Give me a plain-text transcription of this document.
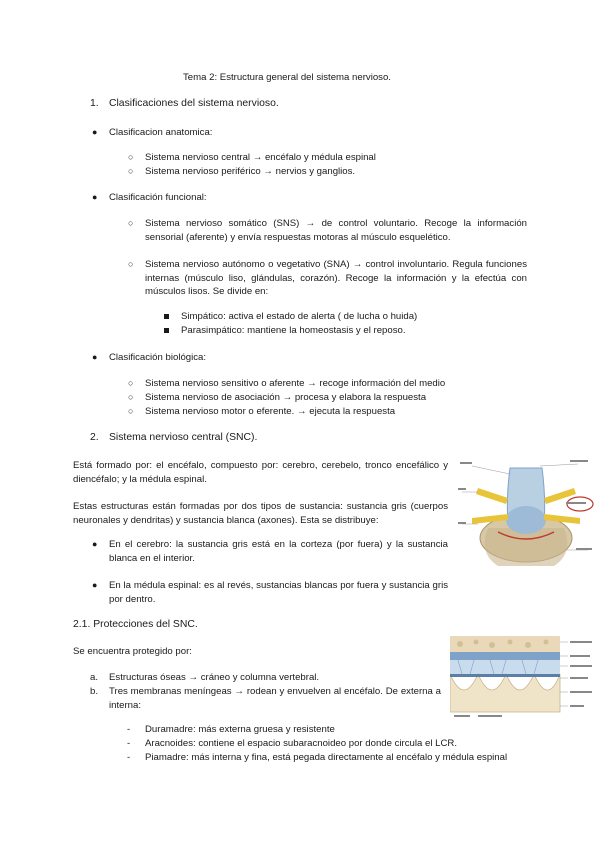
Tema 2: Estructura general del sistema nervioso.
1. Clasificaciones del sistema nervioso.
● Clasificacion anatomica:
○ Sistema nervioso central → encéfalo y médula espinal
○ Sistema nervioso periférico → nervios y ganglios.
● Clasificación funcional:
○ Sistema nervioso somático (SNS) → de control voluntario. Recoge la información sensorial (aferente) y envía respuestas motoras al músculo esquelético.
○ Sistema nervioso autónomo o vegetativo (SNA) → control involuntario. Regula funciones internas (músculo liso, glándulas, corazón). Recoge la información y la efectúa con músculos lisos. Se divide en:
Simpático: activa el estado de alerta ( de lucha o huida)
Parasimpático: mantiene la homeostasis y el reposo.
● Clasificación biológica:
○ Sistema nervioso sensitivo o aferente → recoge información del medio
○ Sistema nervioso de asociación → procesa y elabora la respuesta
○ Sistema nervioso motor o eferente. → ejecuta la respuesta
2. Sistema nervioso central (SNC).
Está formado por: el encéfalo, compuesto por: cerebro, cerebelo, tronco encefálico y diencéfalo; y la médula espinal.
Estas estructuras están formadas por dos tipos de sustancia: sustancia gris (cuerpos neuronales y dendritas) y sustancia blanca (axones). Esta se distribuye:
● En el cerebro: la sustancia gris está en la corteza (por fuera) y la sustancia blanca en el interior.
● En la médula espinal: es al revés, sustancias blancas por fuera y sustancia gris por dentro.
2.1. Protecciones del SNC.
Se encuentra protegido por:
a. Estructuras óseas → cráneo y columna vertebral.
b. Tres membranas meníngeas → rodean y envuelven al encéfalo. De externa a interna:
- Duramadre: más externa gruesa y resistente
- Aracnoides: contiene el espacio subaracnoideo por donde circula el LCR.
- Piamadre: más interna y fina, está pegada directamente al encéfalo y médula espinal
